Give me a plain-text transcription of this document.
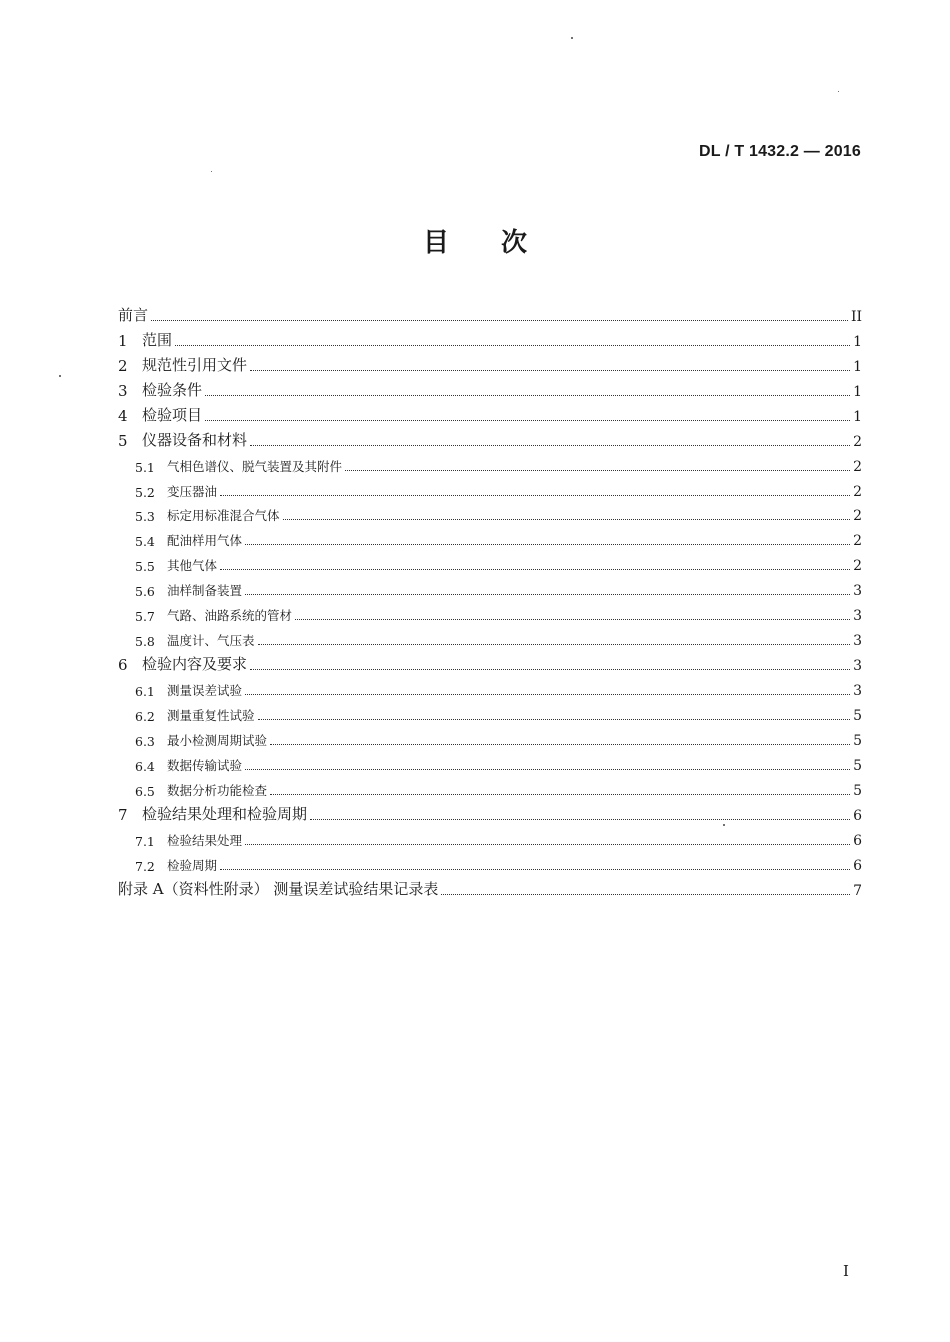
DL / T 1432.2 — 2016
目 次
前言	II
1 范围	1
2 规范性引用文件	1
3 检验条件	1
4 检验项目	1
5 仪器设备和材料	2
5.1 气相色谱仪、脱气装置及其附件	2
5.2 变压器油	2
5.3 标定用标准混合气体	2
5.4 配油样用气体	2
5.5 其他气体	2
5.6 油样制备装置	3
5.7 气路、油路系统的管材	3
5.8 温度计、气压表	3
6 检验内容及要求	3
6.1 测量误差试验	3
6.2 测量重复性试验	5
6.3 最小检测周期试验	5
6.4 数据传输试验	5
6.5 数据分析功能检查	5
7 检验结果处理和检验周期	6
7.1 检验结果处理	6
7.2 检验周期	6
附录 A（资料性附录） 测量误差试验结果记录表	7
I
